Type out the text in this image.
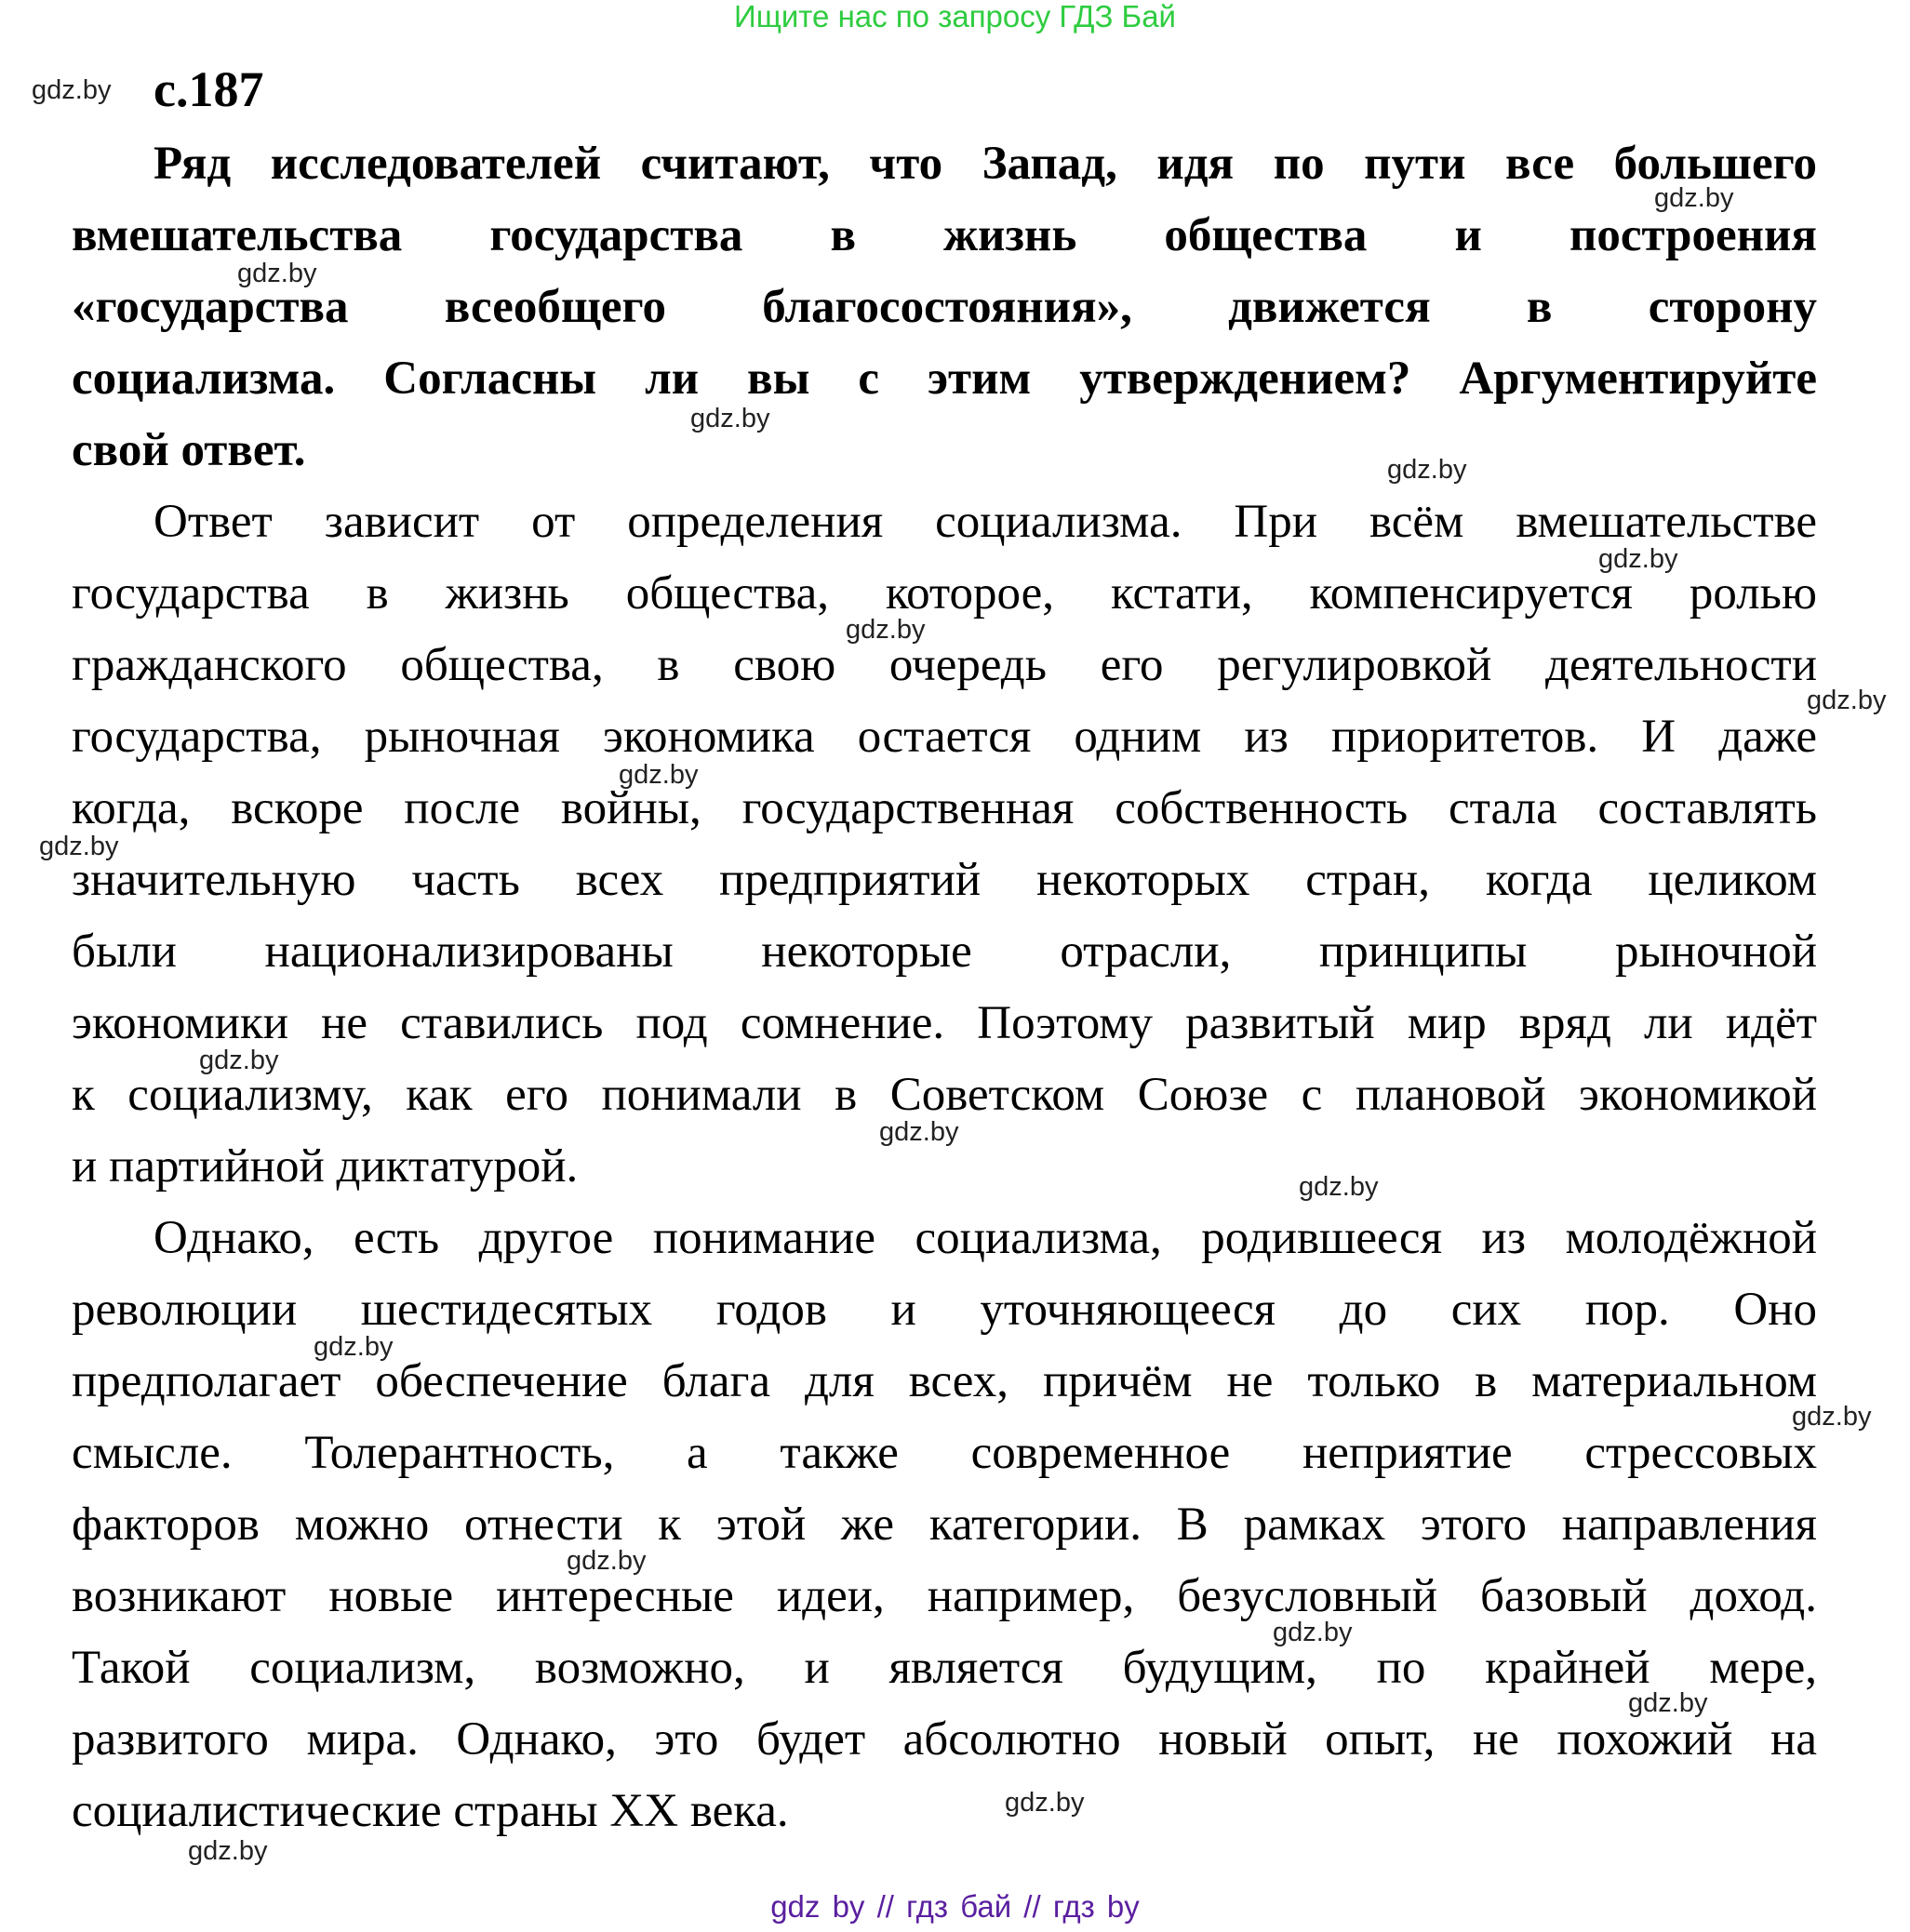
Ищите нас по запросу ГДЗ Бай
с.187
Ряд исследователей считают, что Запад, идя по пути все большего
вмешательства государства в жизнь общества и построения
«государства всеобщего благосостояния», движется в сторону
социализма. Согласны ли вы с этим утверждением? Аргументируйте
свой ответ.
Ответ зависит от определения социализма. При всём вмешательстве
государства в жизнь общества, которое, кстати, компенсируется ролью
гражданского общества, в свою очередь его регулировкой деятельности
государства, рыночная экономика остается одним из приоритетов. И даже
когда, вскоре после войны, государственная собственность стала составлять
значительную часть всех предприятий некоторых стран, когда целиком
были национализированы некоторые отрасли, принципы рыночной
экономики не ставились под сомнение. Поэтому развитый мир вряд ли идёт
к социализму, как его понимали в Советском Союзе с плановой экономикой
и партийной диктатурой.
Однако, есть другое понимание социализма, родившееся из молодёжной
революции шестидесятых годов и уточняющееся до сих пор. Оно
предполагает обеспечение блага для всех, причём не только в материальном
смысле. Толерантность, а также современное неприятие стрессовых
факторов можно отнести к этой же категории. В рамках этого направления
возникают новые интересные идеи, например, безусловный базовый доход.
Такой социализм, возможно, и является будущим, по крайней мере,
развитого мира. Однако, это будет абсолютно новый опыт, не похожий на
социалистические страны XX века.
gdz.by
gdz.by
gdz.by
gdz.by
gdz.by
gdz.by
gdz.by
gdz.by
gdz.by
gdz.by
gdz.by
gdz.by
gdz.by
gdz.by
gdz.by
gdz.by
gdz.by
gdz.by
gdz.by
gdz.by
gdz by // гдз бай // гдз by
